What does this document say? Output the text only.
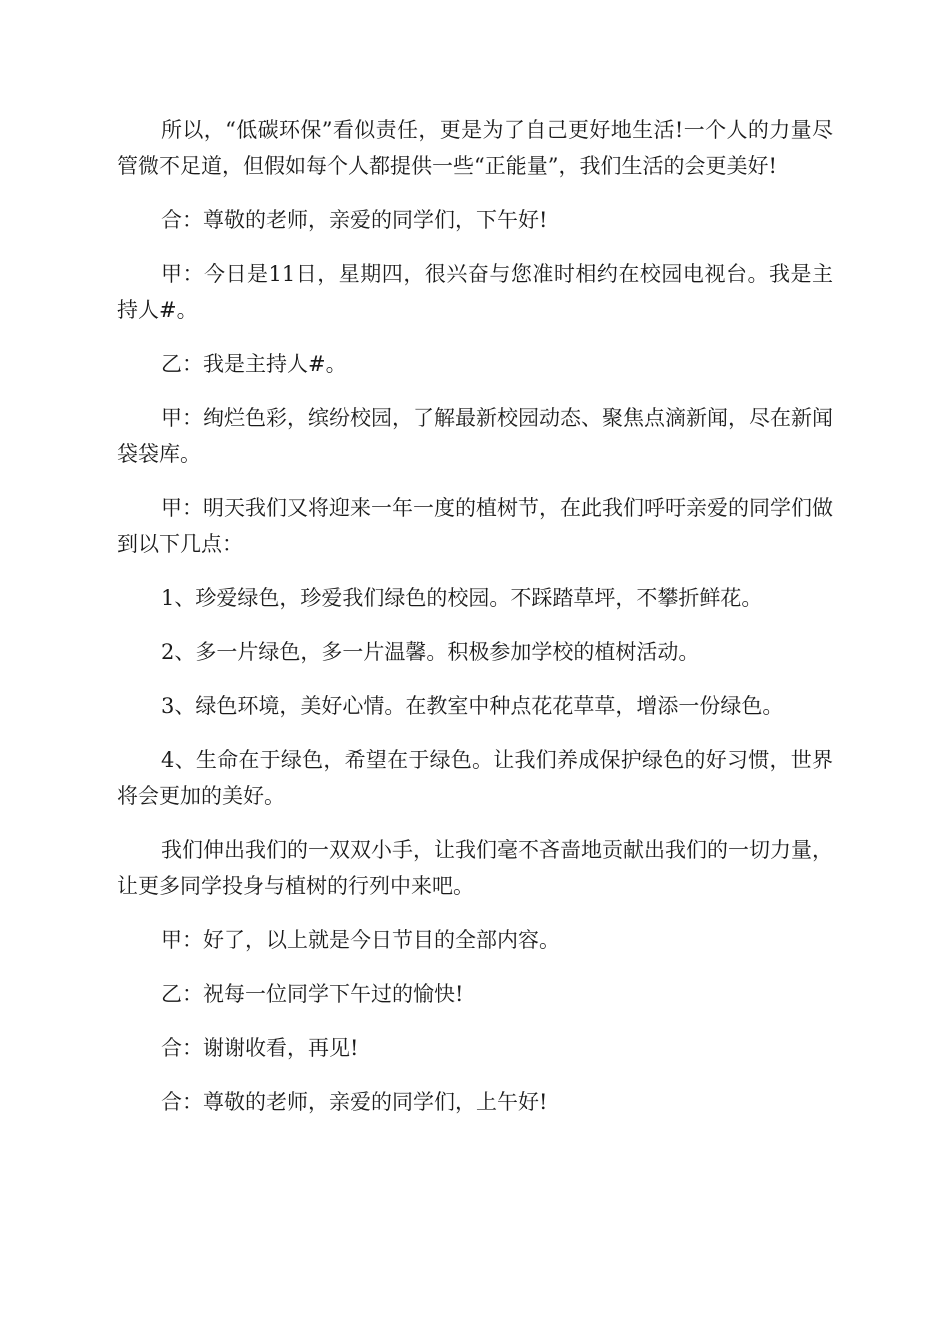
所以，“低碳环保”看似责任，更是为了自己更好地生活!一个人的力量尽管微不足道，但假如每个人都提供一些“正能量”，我们生活的会更美好!

合：尊敬的老师，亲爱的同学们，下午好!

甲：今日是11日，星期四，很兴奋与您准时相约在校园电视台。我是主持人#。

乙：我是主持人#。

甲：绚烂色彩，缤纷校园，了解最新校园动态、聚焦点滴新闻，尽在新闻袋袋库。

甲：明天我们又将迎来一年一度的植树节，在此我们呼吁亲爱的同学们做到以下几点：

1、珍爱绿色，珍爱我们绿色的校园。不踩踏草坪，不攀折鲜花。

2、多一片绿色，多一片温馨。积极参加学校的植树活动。

3、绿色环境，美好心情。在教室中种点花花草草，增添一份绿色。

4、生命在于绿色，希望在于绿色。让我们养成保护绿色的好习惯，世界将会更加的美好。

我们伸出我们的一双双小手，让我们毫不吝啬地贡献出我们的一切力量，让更多同学投身与植树的行列中来吧。

甲：好了，以上就是今日节目的全部内容。

乙：祝每一位同学下午过的愉快!

合：谢谢收看，再见!

合：尊敬的老师，亲爱的同学们，上午好!
